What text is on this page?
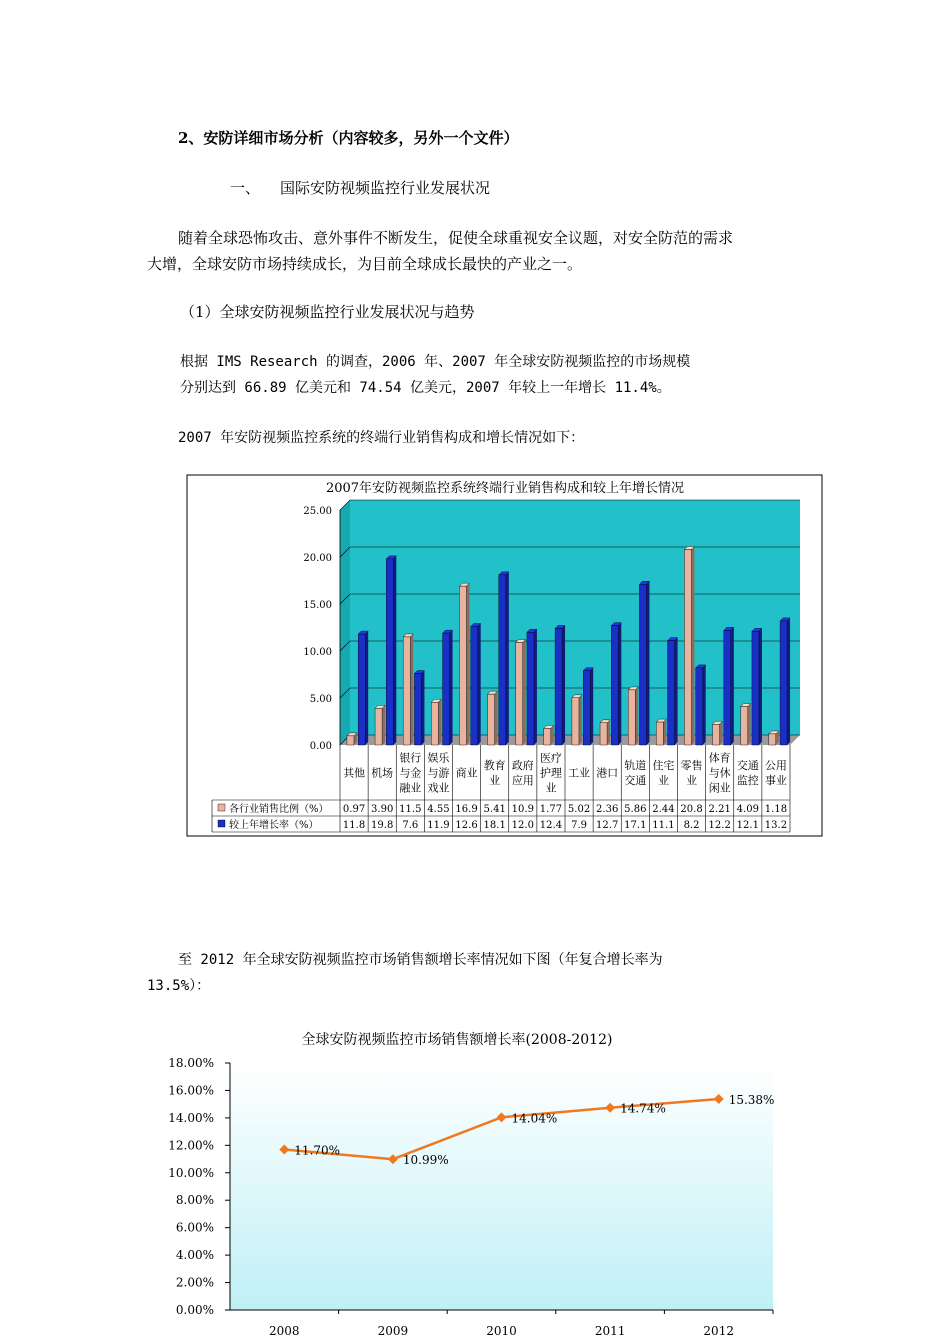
2、安防详细市场分析（内容较多，另外一个文件）
一、 国际安防视频监控行业发展状况
随着全球恐怖攻击、意外事件不断发生，促使全球重视安全议题，对安全防范的需求
大增，全球安防市场持续成长，为目前全球成长最快的产业之一。
（1）全球安防视频监控行业发展状况与趋势
根据 IMS Research 的调查，2006 年、2007 年全球安防视频监控的市场规模
分别达到 66.89 亿美元和 74.54 亿美元，2007 年较上一年增长 11.4%。
2007 年安防视频监控系统的终端行业销售构成和增长情况如下：
至 2012 年全球安防视频监控市场销售额增长率情况如下图（年复合增长率为
13.5%）：
2007年安防视频监控系统终端行业销售构成和较上年增长情况
0.00
5.00
10.00
15.00
20.00
25.00
其他 机场
银行
与金
融业
娱乐
与游
戏业
商业
教育
业
政府
应用
医疗
护理
业
工业 港口
轨道
交通
住宅
业
零售
业
体育
与休
闲业
交通
监控
公用
事业
各行业销售比例（%） 0.97 3.90 11.5 4.55 16.9 5.41 10.9 1.77 5.02 2.36 5.86 2.44 20.8 2.21 4.09 1.18
较上年增长率（%） 11.8 19.8 7.6 11.9 12.6 18.1 12.0 12.4 7.9 12.7 17.1 11.1 8.2 12.2 12.1 13.2
全球安防视频监控市场销售额增长率(2008-2012)
0.00%
2.00%
4.00%
6.00%
8.00%
10.00%
12.00%
14.00%
16.00%
18.00%
2008	2009	2010	2011	2012
11.70%
10.99%
14.04%
14.74%
15.38%
